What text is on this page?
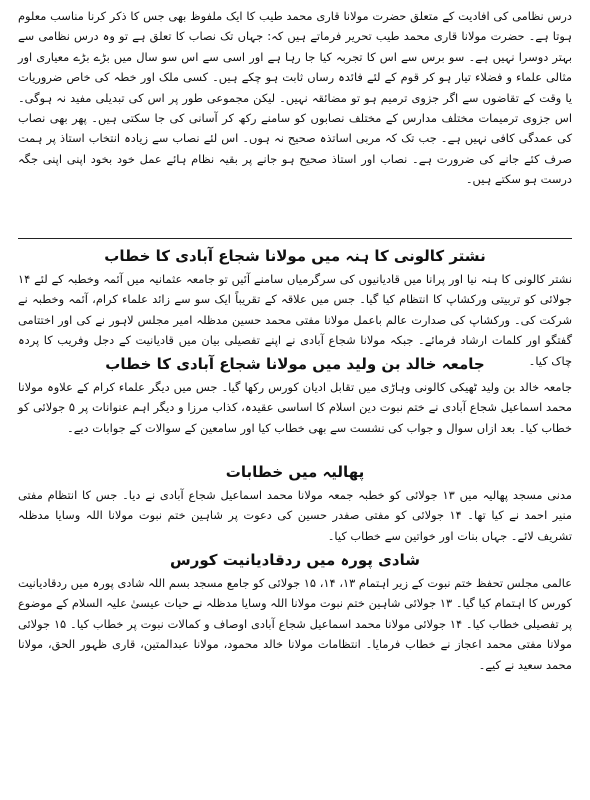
درس نظامی کی افادیت کے متعلق حضرت مولانا قاری محمد طیب کا ایک ملفوظ بھی جس کا ذکر کرنا مناسب معلوم ہوتا ہے۔ حضرت مولانا قاری محمد طیب تحریر فرماتے ہیں کہ: جہاں تک نصاب کا تعلق ہے تو وہ درس نظامی سے بہتر دوسرا نہیں ہے۔ سو برس سے اس کا تجربہ کیا جا رہا ہے اور اسی سے اس سو سال میں بڑے بڑے معیاری اور مثالی علماء و فضلاء تیار ہو کر قوم کے لئے فائدہ رساں ثابت ہو چکے ہیں۔ کسی ملک اور خطہ کی خاص ضروریات یا وقت کے تقاضوں سے اگر جزوی ترمیم ہو تو مضائقہ نہیں۔ لیکن مجموعی طور پر اس کی تبدیلی مفید نہ ہوگی۔ اس جزوی ترمیمات مختلف مدارس کے مختلف نصابوں کو سامنے رکھ کر آسانی کی جا سکتی ہیں۔ پھر بھی نصاب کی عمدگی کافی نہیں ہے۔ جب تک کہ مربی اساتذہ صحیح نہ ہوں۔ اس لئے نصاب سے زیادہ انتخاب استاذ پر ہمت صرف کئے جانے کی ضرورت ہے۔ نصاب اور استاذ صحیح ہو جانے پر بقیہ نظام ہائے عمل خود بخود اپنی اپنی جگہ درست ہو سکتے ہیں۔

نشتر کالونی کا ہنہ میں مولانا شجاع آبادی کا خطاب

نشتر کالونی کا ہنہ نیا اور پرانا میں قادیانیوں کی سرگرمیاں سامنے آئیں تو جامعہ عثمانیہ میں آئمہ وخطبہ کے لئے ۱۴ جولائی کو تربیتی ورکشاپ کا انتظام کیا گیا۔ جس میں علاقہ کے تقریباً ایک سو سے زائد علماء کرام، آئمہ وخطبہ نے شرکت کی۔ ورکشاپ کی صدارت عالم باعمل مولانا مفتی محمد حسین مدظلہ امیر مجلس لاہور نے کی اور اختتامی گفتگو اور کلمات ارشاد فرمائے۔ جبکہ مولانا شجاع آبادی نے اپنے تفصیلی بیان میں قادیانیت کے دجل وفریب کا پردہ چاک کیا۔

جامعہ خالد بن ولید میں مولانا شجاع آبادی کا خطاب

جامعہ خالد بن ولید ٹھیکی کالونی وہاڑی میں تقابل ادیان کورس رکھا گیا۔ جس میں دیگر علماء کرام کے علاوہ مولانا محمد اسماعیل شجاع آبادی نے ختم نبوت دین اسلام کا اساسی عقیدہ، کذاب مرزا و دیگر اہم عنوانات پر ۵ جولائی کو خطاب کیا۔ بعد ازاں سوال و جواب کی نشست سے بھی خطاب کیا اور سامعین کے سوالات کے جوابات دیے۔

پھالیہ میں خطابات

مدنی مسجد پھالیہ میں ۱۳ جولائی کو خطبہ جمعہ مولانا محمد اسماعیل شجاع آبادی نے دیا۔ جس کا انتظام مفتی منیر احمد نے کیا تھا۔ ۱۴ جولائی کو مفتی صفدر حسین کی دعوت پر شاہین ختم نبوت مولانا اللہ وسایا مدظلہ تشریف لائے۔ جہاں بنات اور خواتین سے خطاب کیا۔

شادی پورہ میں ردقادیانیت کورس

عالمی مجلس تحفظ ختم نبوت کے زیر اہتمام ۱۳، ۱۴، ۱۵ جولائی کو جامع مسجد بسم اللہ شادی پورہ میں ردقادیانیت کورس کا اہتمام کیا گیا۔ ۱۳ جولائی شاہین ختم نبوت مولانا اللہ وسایا مدظلہ نے حیات عیسیٰ علیہ السلام کے موضوع پر تفصیلی خطاب کیا۔ ۱۴ جولائی مولانا محمد اسماعیل شجاع آبادی اوصاف و کمالات نبوت پر خطاب کیا۔ ۱۵ جولائی مولانا مفتی محمد اعجاز نے خطاب فرمایا۔ انتظامات مولانا خالد محمود، مولانا عبدالمتین، قاری ظہور الحق، مولانا محمد سعید نے کیے۔
